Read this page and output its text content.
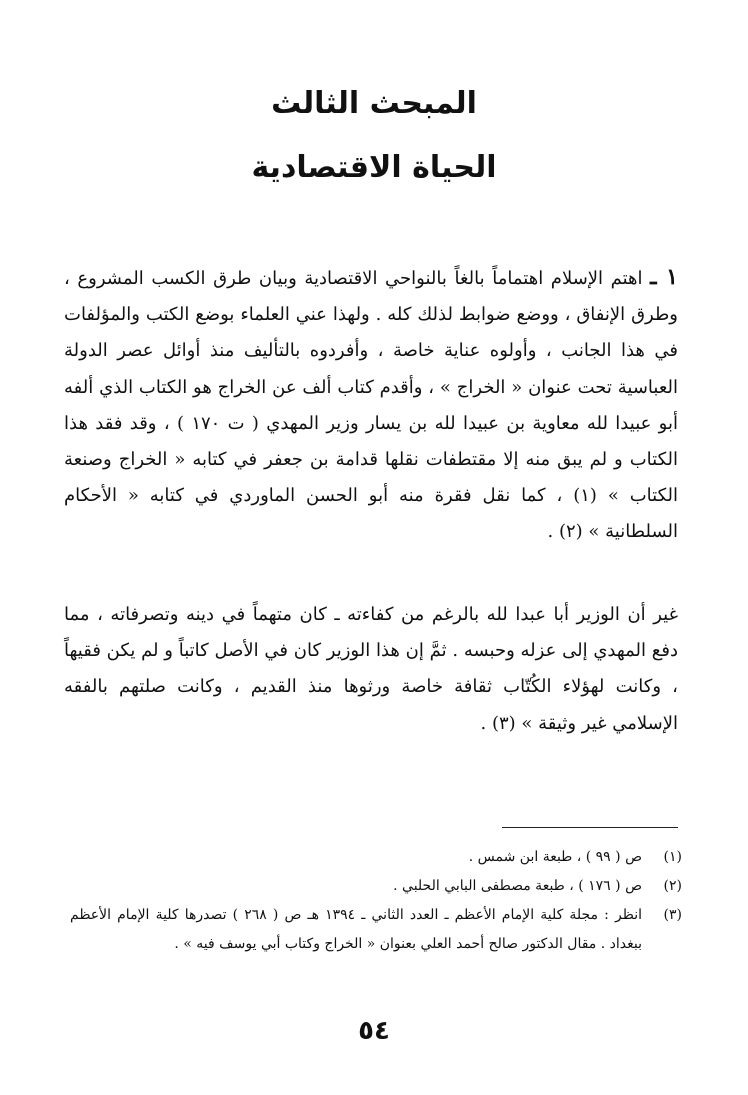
المبحث الثالث
الحياة الاقتصادية
١ ـ اهتم الإسلام اهتماماً بالغاً بالنواحي الاقتصادية وبيان طرق الكسب المشروع ، وطرق الإنفاق ، ووضع ضوابط لذلك كله . ولهذا عني العلماء بوضع الكتب والمؤلفات في هذا الجانب ، وأولوه عناية خاصة ، وأفردوه بالتأليف منذ أوائل عصر الدولة العباسية تحت عنوان « الخراج » ، وأقدم كتاب ألف عن الخراج هو الكتاب الذي ألفه أبو عبيدا لله معاوية بن عبيدا لله بن يسار وزير المهدي ( ت ١٧٠ ) ، وقد فقد هذا الكتاب و لم يبق منه إلا مقتطفات نقلها قدامة بن جعفر في كتابه « الخراج وصنعة الكتاب » (١) ، كما نقل فقرة منه أبو الحسن الماوردي في كتابه « الأحكام السلطانية » (٢) .
غير أن الوزير أبا عبدا لله بالرغم من كفاءته ـ كان متهماً في دينه وتصرفاته ، مما دفع المهدي إلى عزله وحبسه . ثمَّ إن هذا الوزير كان في الأصل كاتباً و لم يكن فقيهاً ، وكانت لهؤلاء الكُتّاب ثقافة خاصة ورثوها منذ القديم ، وكانت صلتهم بالفقه الإسلامي غير وثيقة » (٣) .
(١)
ص ( ٩٩ ) ، طبعة ابن شمس .
(٢)
ص ( ١٧٦ ) ، طبعة مصطفى البابي الحلبي .
(٣)
انظر : مجلة كلية الإمام الأعظم ـ العدد الثاني ـ ١٣٩٤ هـ ص ( ٢٦٨ ) تصدرها كلية الإمام الأعظم ببغداد . مقال الدكتور صالح أحمد العلي بعنوان « الخراج وكتاب أبي يوسف فيه » .
٥٤
